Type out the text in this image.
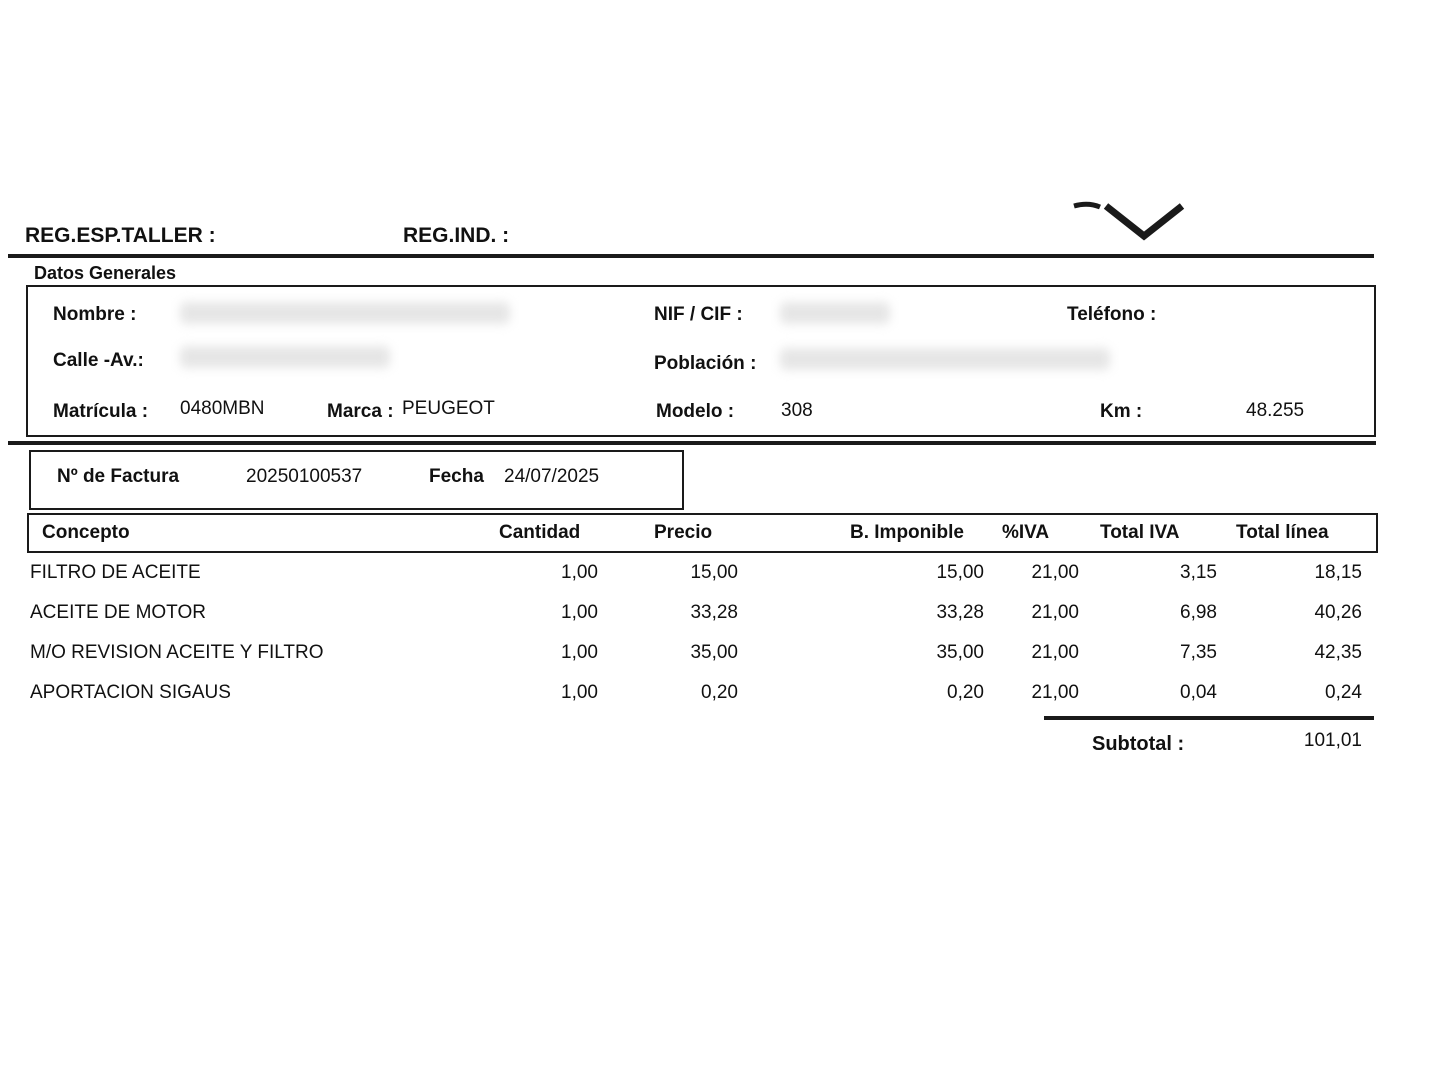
REG.ESP.TALLER :	REG.IND. :
Datos Generales
Nombre :	NIF / CIF :	Teléfono :
Calle -Av.:	Población :
Matrícula : 0480MBN	Marca : PEUGEOT	Modelo : 308	Km :	48.255
Nº de Factura	20250100537	Fecha 24/07/2025
Concepto	Cantidad	Precio	B. Imponible %IVA	Total IVA	Total línea
FILTRO DE ACEITE	1,00	15,00	15,00	21,00	3,15	18,15
ACEITE DE MOTOR	1,00	33,28	33,28	21,00	6,98	40,26
M/O REVISION ACEITE Y FILTRO	1,00	35,00	35,00	21,00	7,35	42,35
APORTACION SIGAUS	1,00	0,20	0,20	21,00	0,04	0,24
Subtotal :	101,01
